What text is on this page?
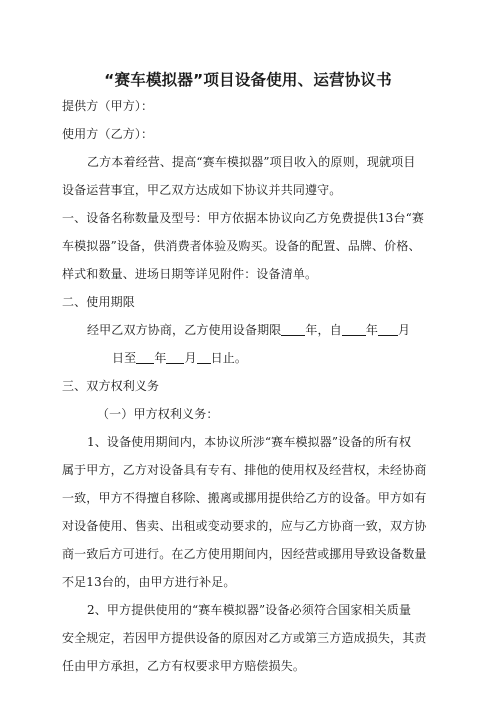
“赛车模拟器”项目设备使用、运营协议书
提供方（甲方）：
使用方（乙方）：
乙方本着经营、提高“赛车模拟器”项目收入的原则，现就项目
设备运营事宜，甲乙双方达成如下协议并共同遵守。
一、设备名称数量及型号：甲方依据本协议向乙方免费提供13台“赛
车模拟器”设备，供消费者体验及购买。设备的配置、品牌、价格、
样式和数量、进场日期等详见附件：设备清单。
二、使用期限
经甲乙双方协商，乙方使用设备期限 年，自 年 月
日至 年 月 日止。
三、双方权利义务
（一）甲方权利义务：
1、设备使用期间内，本协议所涉“赛车模拟器”设备的所有权
属于甲方，乙方对设备具有专有、排他的使用权及经营权，未经协商
一致，甲方不得擅自移除、搬离或挪用提供给乙方的设备。甲方如有
对设备使用、售卖、出租或变动要求的，应与乙方协商一致，双方协
商一致后方可进行。在乙方使用期间内，因经营或挪用导致设备数量
不足13台的，由甲方进行补足。
2、甲方提供使用的“赛车模拟器”设备必须符合国家相关质量
安全规定，若因甲方提供设备的原因对乙方或第三方造成损失，其责
任由甲方承担，乙方有权要求甲方赔偿损失。
